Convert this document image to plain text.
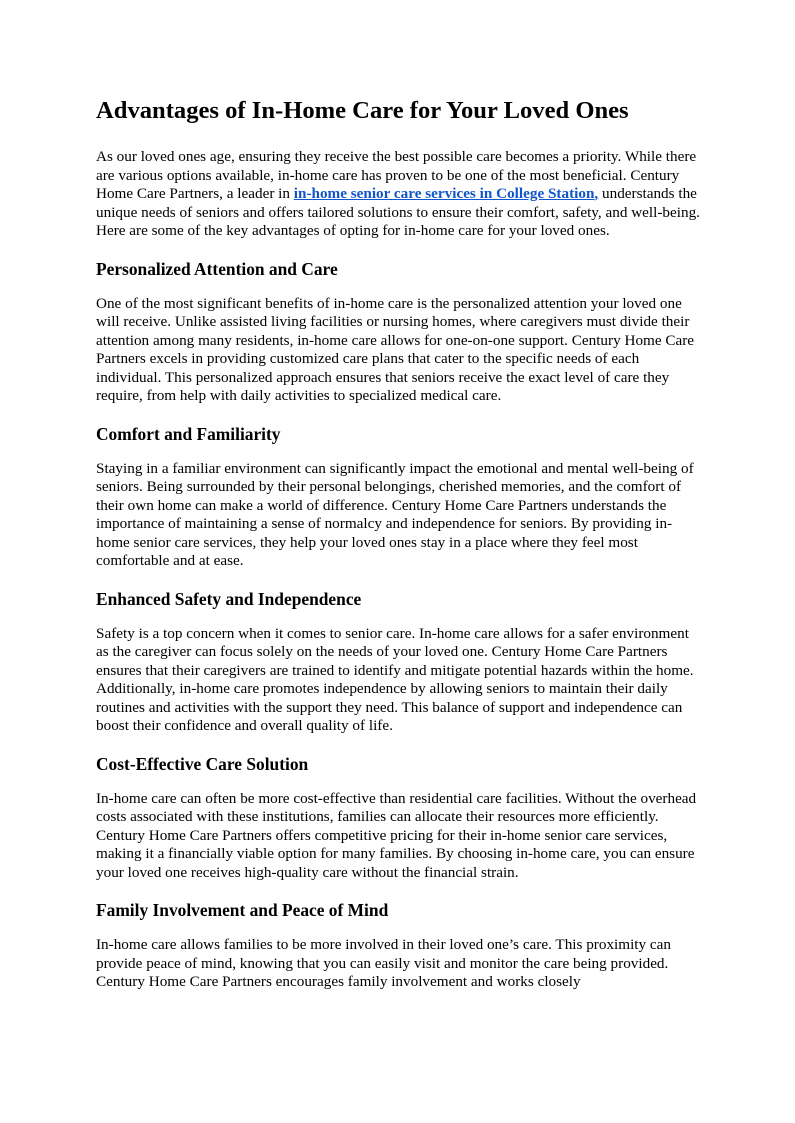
Advantages of In-Home Care for Your Loved Ones

As our loved ones age, ensuring they receive the best possible care becomes a priority. While there are various options available, in-home care has proven to be one of the most beneficial. Century Home Care Partners, a leader in in-home senior care services in College Station, understands the unique needs of seniors and offers tailored solutions to ensure their comfort, safety, and well-being. Here are some of the key advantages of opting for in-home care for your loved ones.

Personalized Attention and Care

One of the most significant benefits of in-home care is the personalized attention your loved one will receive. Unlike assisted living facilities or nursing homes, where caregivers must divide their attention among many residents, in-home care allows for one-on-one support. Century Home Care Partners excels in providing customized care plans that cater to the specific needs of each individual. This personalized approach ensures that seniors receive the exact level of care they require, from help with daily activities to specialized medical care.

Comfort and Familiarity

Staying in a familiar environment can significantly impact the emotional and mental well-being of seniors. Being surrounded by their personal belongings, cherished memories, and the comfort of their own home can make a world of difference. Century Home Care Partners understands the importance of maintaining a sense of normalcy and independence for seniors. By providing in-home senior care services, they help your loved ones stay in a place where they feel most comfortable and at ease.

Enhanced Safety and Independence

Safety is a top concern when it comes to senior care. In-home care allows for a safer environment as the caregiver can focus solely on the needs of your loved one. Century Home Care Partners ensures that their caregivers are trained to identify and mitigate potential hazards within the home. Additionally, in-home care promotes independence by allowing seniors to maintain their daily routines and activities with the support they need. This balance of support and independence can boost their confidence and overall quality of life.

Cost-Effective Care Solution

In-home care can often be more cost-effective than residential care facilities. Without the overhead costs associated with these institutions, families can allocate their resources more efficiently. Century Home Care Partners offers competitive pricing for their in-home senior care services, making it a financially viable option for many families. By choosing in-home care, you can ensure your loved one receives high-quality care without the financial strain.

Family Involvement and Peace of Mind

In-home care allows families to be more involved in their loved one’s care. This proximity can provide peace of mind, knowing that you can easily visit and monitor the care being provided. Century Home Care Partners encourages family involvement and works closely
